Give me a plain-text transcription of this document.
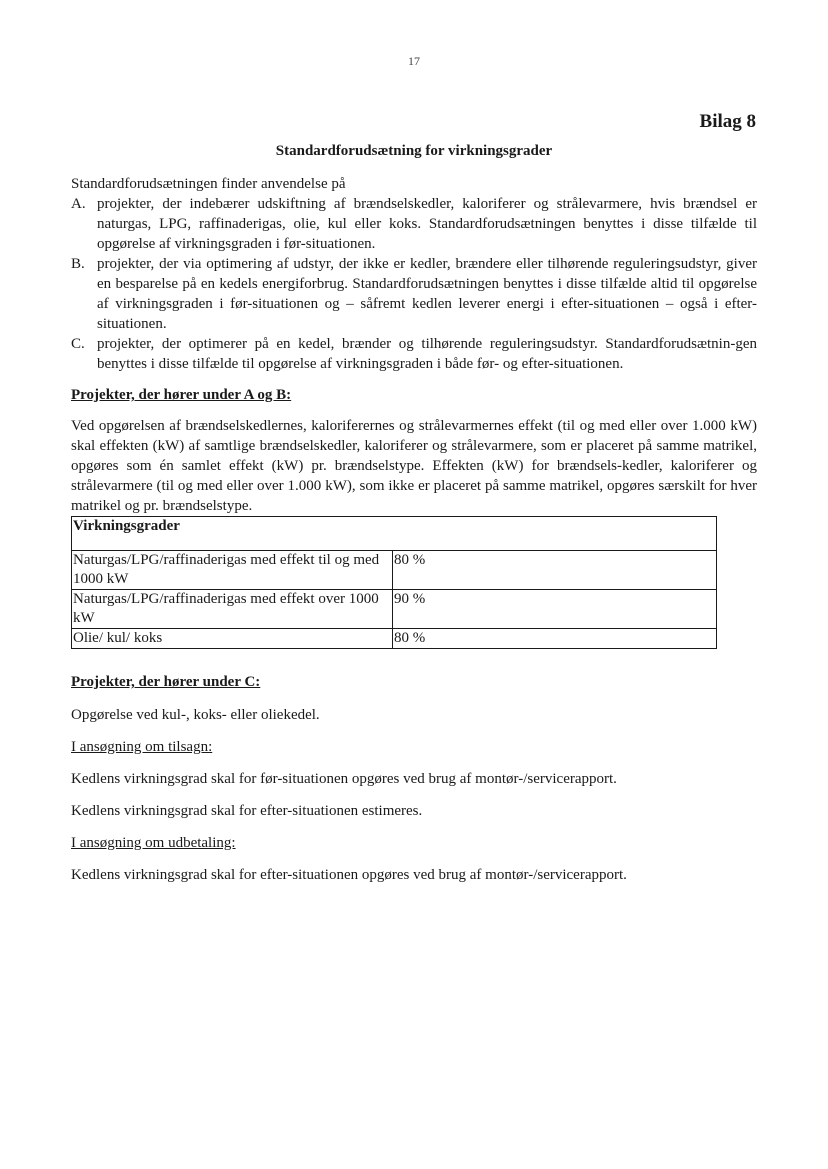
17
Bilag 8
Standardforudsætning for virkningsgrader

Standardforudsætningen finder anvendelse på

A. projekter, der indebærer udskiftning af brændselskedler, kaloriferer og strålevarmere, hvis brændsel er naturgas, LPG, raffinaderigas, olie, kul eller koks. Standardforudsætningen benyttes i disse tilfælde til opgørelse af virkningsgraden i før-situationen.
B. projekter, der via optimering af udstyr, der ikke er kedler, brændere eller tilhørende reguleringsudstyr, giver en besparelse på en kedels energiforbrug. Standardforudsætningen benyttes i disse tilfælde altid til opgørelse af virkningsgraden i før-situationen og – såfremt kedlen leverer energi i efter-situationen – også i efter-situationen.
C. projekter, der optimerer på en kedel, brænder og tilhørende reguleringsudstyr. Standardforudsætnin-gen benyttes i disse tilfælde til opgørelse af virkningsgraden i både før- og efter-situationen.

Projekter, der hører under A og B:

Ved opgørelsen af brændselskedlernes, kaloriferernes og strålevarmernes effekt (til og med eller over 1.000 kW) skal effekten (kW) af samtlige brændselskedler, kaloriferer og strålevarmere, som er placeret på samme matrikel, opgøres som én samlet effekt (kW) pr. brændselstype. Effekten (kW) for brændsels-kedler, kaloriferer og strålevarmere (til og med eller over 1.000 kW), som ikke er placeret på samme matrikel, opgøres særskilt for hver matrikel og pr. brændselstype.

Virkningsgrader	
Naturgas/LPG/raffinaderigas med effekt til og med 1000 kW	80 %
Naturgas/LPG/raffinaderigas med effekt over 1000 kW	90 %
Olie/ kul/ koks	80 %

Projekter, der hører under C:

Opgørelse ved kul-, koks- eller oliekedel.

I ansøgning om tilsagn:

Kedlens virkningsgrad skal for før-situationen opgøres ved brug af montør-/servicerapport.

Kedlens virkningsgrad skal for efter-situationen estimeres.

I ansøgning om udbetaling:

Kedlens virkningsgrad skal for efter-situationen opgøres ved brug af montør-/servicerapport.
